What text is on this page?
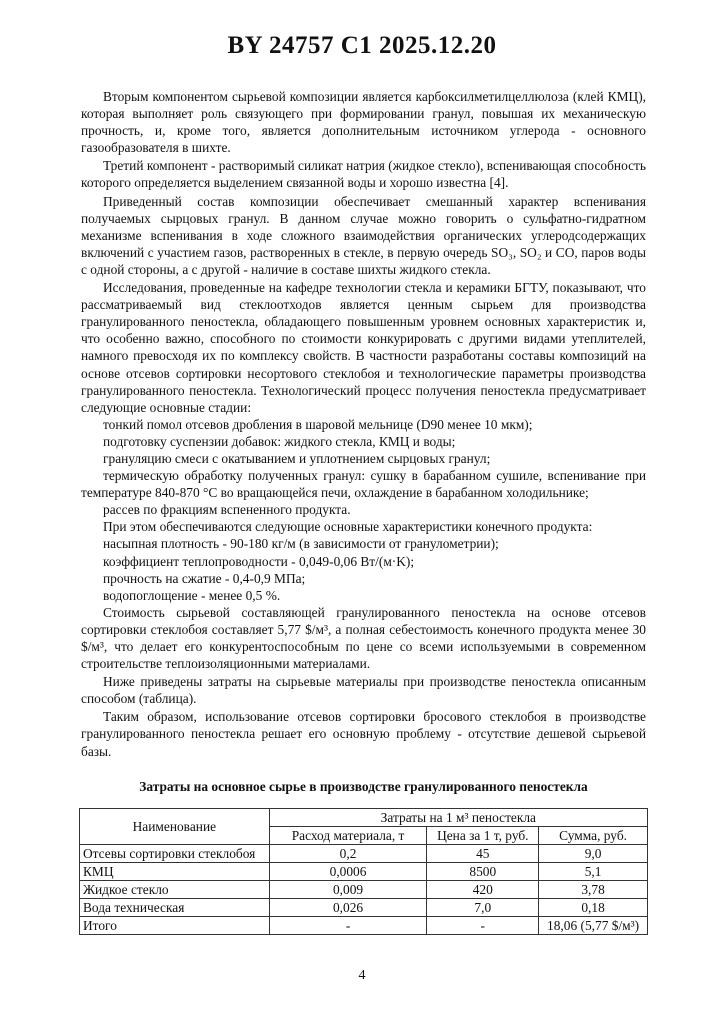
BY 24757 C1 2025.12.20

Вторым компонентом сырьевой композиции является карбоксилметилцеллюлоза (клей КМЦ), которая выполняет роль связующего при формировании гранул, повышая их механическую прочность, и, кроме того, является дополнительным источником углерода - основного газообразователя в шихте.

Третий компонент - растворимый силикат натрия (жидкое стекло), вспенивающая способность которого определяется выделением связанной воды и хорошо известна [4].

Приведенный состав композиции обеспечивает смешанный характер вспенивания получаемых сырцовых гранул. В данном случае можно говорить о сульфатно-гидратном механизме вспенивания в ходе сложного взаимодействия органических углеродсодержащих включений с участием газов, растворенных в стекле, в первую очередь SO₃, SO₂ и CO, паров воды с одной стороны, а с другой - наличие в составе шихты жидкого стекла.

Исследования, проведенные на кафедре технологии стекла и керамики БГТУ, показывают, что рассматриваемый вид стеклоотходов является ценным сырьем для производства гранулированного пеностекла, обладающего повышенным уровнем основных характеристик и, что особенно важно, способного по стоимости конкурировать с другими видами утеплителей, намного превосходя их по комплексу свойств. В частности разработаны составы композиций на основе отсевов сортировки несортового стеклобоя и технологические параметры производства гранулированного пеностекла. Технологический процесс получения пеностекла предусматривает следующие основные стадии:

тонкий помол отсевов дробления в шаровой мельнице (D90 менее 10 мкм);

подготовку суспензии добавок: жидкого стекла, КМЦ и воды;

грануляцию смеси с окатыванием и уплотнением сырцовых гранул;

термическую обработку полученных гранул: сушку в барабанном сушиле, вспенивание при температуре 840-870 °C во вращающейся печи, охлаждение в барабанном холодильнике;

рассев по фракциям вспененного продукта.

При этом обеспечиваются следующие основные характеристики конечного продукта:

насыпная плотность - 90-180 кг/м (в зависимости от гранулометрии);

коэффициент теплопроводности - 0,049-0,06 Вт/(м·K);

прочность на сжатие - 0,4-0,9 МПа;

водопоглощение - менее 0,5 %.

Стоимость сырьевой составляющей гранулированного пеностекла на основе отсевов сортировки стеклобоя составляет 5,77 $/м³, а полная себестоимость конечного продукта менее 30 $/м³, что делает его конкурентоспособным по цене со всеми используемыми в современном строительстве теплоизоляционными материалами.

Ниже приведены затраты на сырьевые материалы при производстве пеностекла описанным способом (таблица).

Таким образом, использование отсевов сортировки бросового стеклобоя в производстве гранулированного пеностекла решает его основную проблему - отсутствие дешевой сырьевой базы.

Затраты на основное сырье в производстве гранулированного пеностекла
Наименование	Затраты на 1 м³ пеностекла		
	Расход материала, т	Цена за 1 т, руб.	Сумма, руб.
Отсевы сортировки стеклобоя	0,2	45	9,0
КМЦ	0,0006	8500	5,1
Жидкое стекло	0,009	420	3,78
Вода техническая	0,026	7,0	0,18
Итого	-	-	18,06 (5,77 $/м³)
4
